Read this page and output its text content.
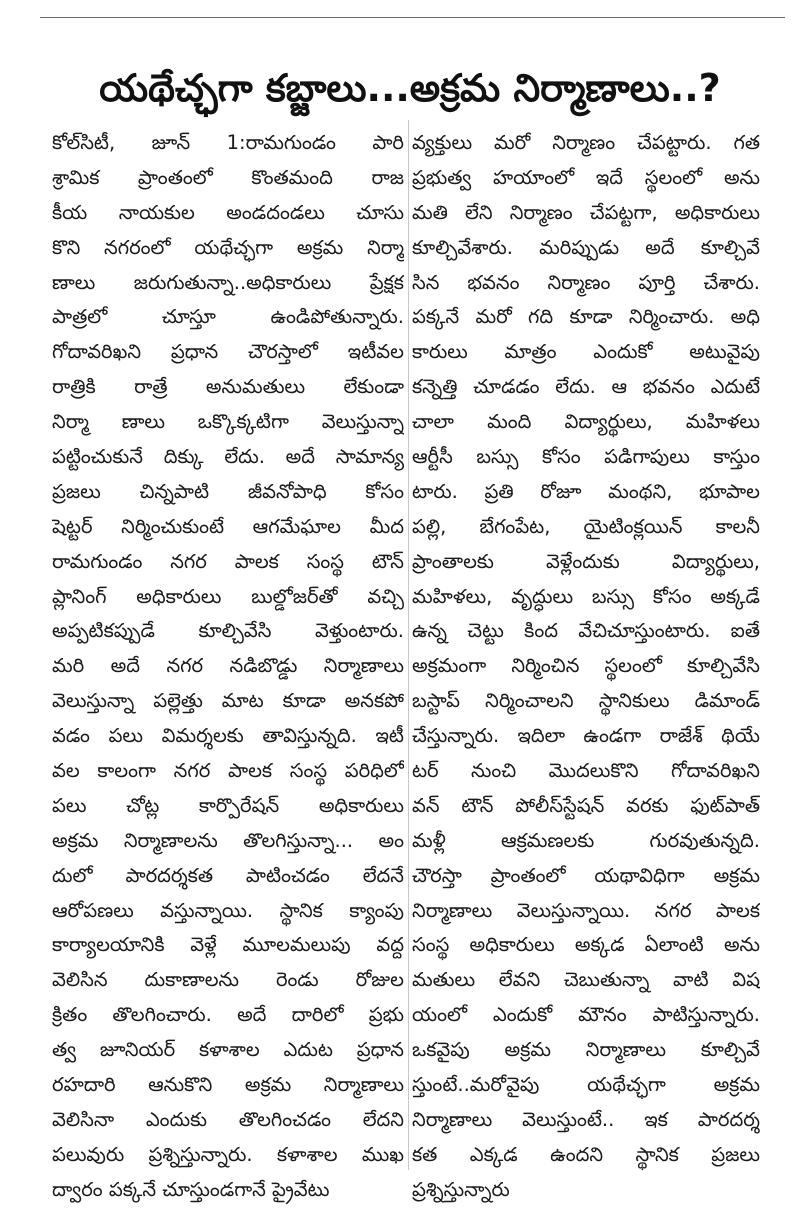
యథేచ్ఛగా కబ్జాలు...అక్రమ నిర్మాణాలు..?
కోల్‌సిటీ, జూన్ 1:రామగుండం పారి
శ్రామిక ప్రాంతంలో కొంతమంది రాజ
కీయ నాయకుల అండదండలు చూసు
కొని నగరంలో యథేచ్ఛగా అక్రమ నిర్మా
ణాలు జరుగుతున్నా..అధికారులు ప్రేక్షక
పాత్రలో చూస్తూ ఉండిపోతున్నారు.
గోదావరిఖని ప్రధాన చౌరస్తాలో ఇటీవల
రాత్రికి రాత్రే అనుమతులు లేకుండా
నిర్మా ణాలు ఒక్కొక్కటిగా వెలుస్తున్నా
పట్టించుకునే దిక్కు లేదు. అదే సామాన్య
ప్రజలు చిన్నపాటి జీవనోపాధి కోసం
షెట్టర్ నిర్మించుకుంటే ఆగమేఘాల మీద
రామగుండం నగర పాలక సంస్థ టౌన్
ప్లానింగ్ అధికారులు బుల్డోజర్‌తో వచ్చి
అప్పటికప్పుడే కూల్చివేసి వెళ్తుంటారు.
మరి అదే నగర నడిబొడ్డు నిర్మాణాలు
వెలుస్తున్నా పల్లెత్తు మాట కూడా అనకపో
వడం పలు విమర్శలకు తావిస్తున్నది. ఇటీ
వల కాలంగా నగర పాలక సంస్థ పరిధిలో
పలు చోట్ల కార్పొరేషన్ అధికారులు
అక్రమ నిర్మాణాలను తొలగిస్తున్నా... అం
దులో పారదర్శకత పాటించడం లేదనే
ఆరోపణలు వస్తున్నాయి. స్థానిక క్యాంపు
కార్యాలయానికి వెళ్లే మూలమలుపు వద్ద
వెలిసిన దుకాణాలను రెండు రోజుల
క్రితం తొలగించారు. అదే దారిలో ప్రభు
త్వ జూనియర్ కళాశాల ఎదుట ప్రధాన
రహదారి ఆనుకొని అక్రమ నిర్మాణాలు
వెలిసినా ఎందుకు తొలగించడం లేదని
పలువురు ప్రశ్నిస్తున్నారు. కళాశాల ముఖ
ద్వారం పక్కనే చూస్తుండగానే ప్రైవేటు
వ్యక్తులు మరో నిర్మాణం చేపట్టారు. గత
ప్రభుత్వ హయాంలో ఇదే స్థలంలో అను
మతి లేని నిర్మాణం చేపట్టగా, అధికారులు
కూల్చివేశారు. మరిప్పుడు అదే కూల్చివే
సిన భవనం నిర్మాణం పూర్తి చేశారు.
పక్కనే మరో గది కూడా నిర్మించారు. అధి
కారులు మాత్రం ఎందుకో అటువైపు
కన్నెత్తి చూడడం లేదు. ఆ భవనం ఎదుటే
చాలా మంది విద్యార్థులు, మహిళలు
ఆర్టీసీ బస్సు కోసం పడిగాపులు కాస్తుం
టారు. ప్రతి రోజూ మంథని, భూపాల
పల్లి, బేగంపేట, యైటింక్లయిన్ కాలనీ
ప్రాంతాలకు వెళ్లేందుకు విద్యార్థులు,
మహిళలు, వృద్ధులు బస్సు కోసం అక్కడే
ఉన్న చెట్టు కింద వేచిచూస్తుంటారు. ఐతే
అక్రమంగా నిర్మించిన స్థలంలో కూల్చివేసి
బస్టాప్ నిర్మించాలని స్థానికులు డిమాండ్
చేస్తున్నారు. ఇదిలా ఉండగా రాజేశ్ థియే
టర్ నుంచి మొదలుకొని గోదావరిఖని
వన్ టౌన్ పోలీస్‌స్టేషన్ వరకు ఫుట్‌పాత్
మళ్లీ ఆక్రమణలకు గురవుతున్నది.
చౌరస్తా ప్రాంతంలో యథావిధిగా అక్రమ
నిర్మాణాలు వెలుస్తున్నాయి. నగర పాలక
సంస్థ అధికారులు అక్కడ ఏలాంటి అను
మతులు లేవని చెబుతున్నా వాటి విష
యంలో ఎందుకో మౌనం పాటిస్తున్నారు.
ఒకవైపు అక్రమ నిర్మాణాలు కూల్చివే
స్తుంటే..మరోవైపు యథేచ్ఛగా అక్రమ
నిర్మాణాలు వెలుస్తుంటే.. ఇక పారదర్శ
కత ఎక్కడ ఉందని స్థానిక ప్రజలు
ప్రశ్నిస్తున్నారు
